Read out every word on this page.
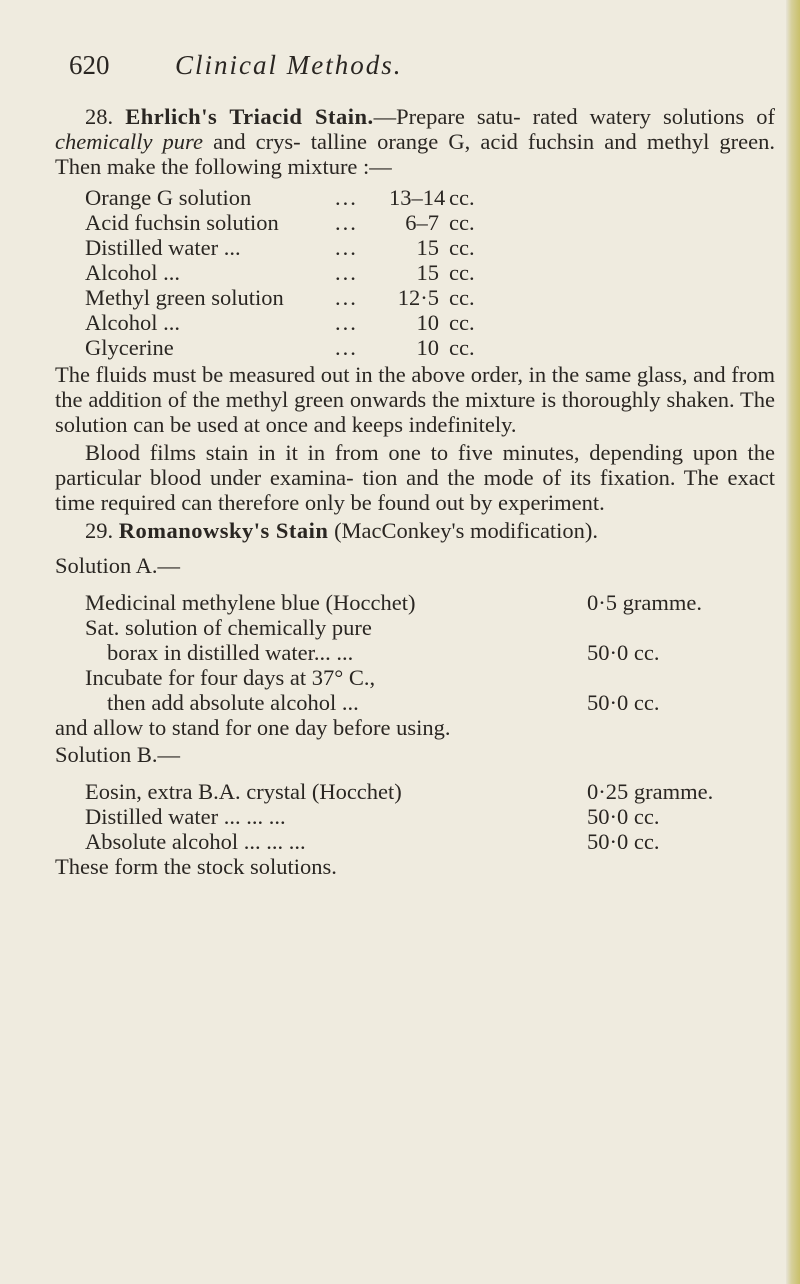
620 Clinical Methods.

28. Ehrlich's Triacid Stain.—Prepare satu- rated watery solutions of chemically pure and crys- talline orange G, acid fuchsin and methyl green. Then make the following mixture :—

Orange G solution	... 13–14 cc.
Acid fuchsin solution	...	6–7 cc.
Distilled water ...	...	15 cc.
Alcohol ...	...	15 cc.
Methyl green solution ...	12·5 cc.
Alcohol ...	...	10 cc.
Glycerine	...	10 cc.

The fluids must be measured out in the above order, in the same glass, and from the addition of the methyl green onwards the mixture is thoroughly shaken. The solution can be used at once and keeps indefinitely.

Blood films stain in it in from one to five minutes, depending upon the particular blood under examina- tion and the mode of its fixation. The exact time required can therefore only be found out by experiment.

29. Romanowsky's Stain (MacConkey's modification).

Solution A.—
Medicinal methylene blue (Hocchet)	0·5 gramme.
Sat. solution of chemically pure
borax in distilled water... ...	50·0 cc.
Incubate for four days at 37° C.,
then add absolute alcohol ...	50·0 cc.

and allow to stand for one day before using.

Solution B.—
Eosin, extra B.A. crystal (Hocchet)	0·25 gramme.
Distilled water ... ... ...	50·0 cc.
Absolute alcohol ... ... ...	50·0 cc.

These form the stock solutions.
